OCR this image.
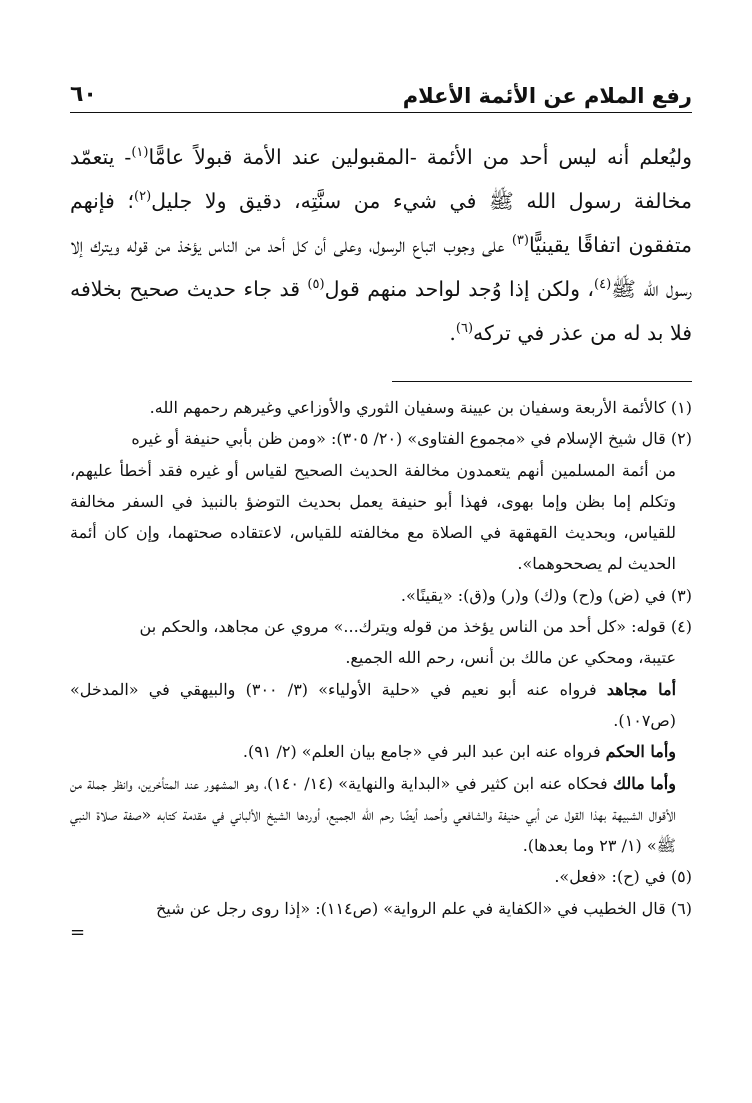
رفع الملام عن الأئمة الأعلام
٦٠

وليُعلم أنه ليس أحد من الأئمة -المقبولين عند الأمة قبولاً عامًّا$^{(١)}$- يتعمّد مخالفة رسول الله ﷺ في شيء من سنَّتِه، دقيق ولا جليل$^{(٢)}$؛ فإنهم متفقون اتفاقًا يقينيًّا$^{(٣)}$ على وجوب اتباع الرسول، وعلى أن كل أحد من الناس يؤخذ من قوله ويترك إلا رسول الله ﷺ$^{(٤)}$، ولكن إذا وُجد لواحد منهم قول$^{(٥)}$ قد جاء حديث صحيح بخلافه فلا بد له من عذر في تركه$^{(٦)}$.

(١) كالأئمة الأربعة وسفيان بن عيينة وسفيان الثوري والأوزاعي وغيرهم رحمهم الله.

(٢) قال شيخ الإسلام في «مجموع الفتاوى» (٢٠/ ٣٠٥): «ومن ظن بأبي حنيفة أو غيره
من أئمة المسلمين أنهم يتعمدون مخالفة الحديث الصحيح لقياس أو غيره فقد أخطأ عليهم، وتكلم إما بظن وإما بهوى، فهذا أبو حنيفة يعمل بحديث التوضؤ بالنبيذ في السفر مخالفة للقياس، وبحديث القهقهة في الصلاة مع مخالفته للقياس، لاعتقاده صحتهما، وإن كان أئمة الحديث لم يصححوهما».

(٣) في (ض) و(ح) و(ك) و(ر) و(ق): «يقينًا».

(٤) قوله: «كل أحد من الناس يؤخذ من قوله ويترك...» مروي عن مجاهد، والحكم بن
عتيبة، ومحكي عن مالك بن أنس، رحم الله الجميع.

أما مجاهد فرواه عنه أبو نعيم في «حلية الأولياء» (٣/ ٣٠٠) والبيهقي في «المدخل» (ص١٠٧).

وأما الحكم فرواه عنه ابن عبد البر في «جامع بيان العلم» (٢/ ٩١).

وأما مالك فحكاه عنه ابن كثير في «البداية والنهاية» (١٤/ ١٤٠)، وهو المشهور عند المتأخرين، وانظر جملة من الأقوال الشبيهة بهذا القول عن أبي حنيفة والشافعي وأحمد أيضًا رحم الله الجميع، أوردها الشيخ الألباني في مقدمة كتابه «صفة صلاة النبي ﷺ» (١/ ٢٣ وما بعدها).

(٥) في (ح): «فعل».

(٦) قال الخطيب في «الكفاية في علم الرواية» (ص١١٤): «إذا روى رجل عن شيخ

=
